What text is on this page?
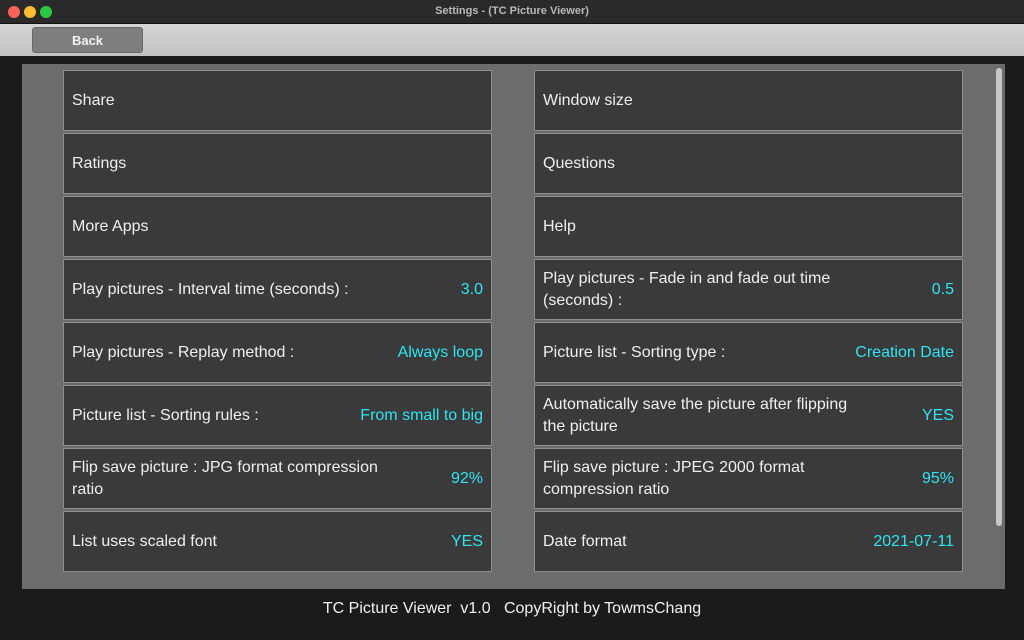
Settings - (TC Picture Viewer)
Back
Share
Ratings
More Apps
Play pictures - Interval time (seconds) :	3.0
Play pictures - Replay method :	Always loop
Picture list - Sorting rules :	From small to big
Flip save picture : JPG format compression ratio
92%
List uses scaled font	YES
Window size
Questions
Help
Play pictures - Fade in and fade out time (seconds) :
0.5
Picture list - Sorting type :	Creation Date
Automatically save the picture after flipping the picture
YES
Flip save picture : JPEG 2000 format compression ratio
95%
Date format	2021-07-11
TC Picture Viewer  v1.0   CopyRight by TowmsChang
